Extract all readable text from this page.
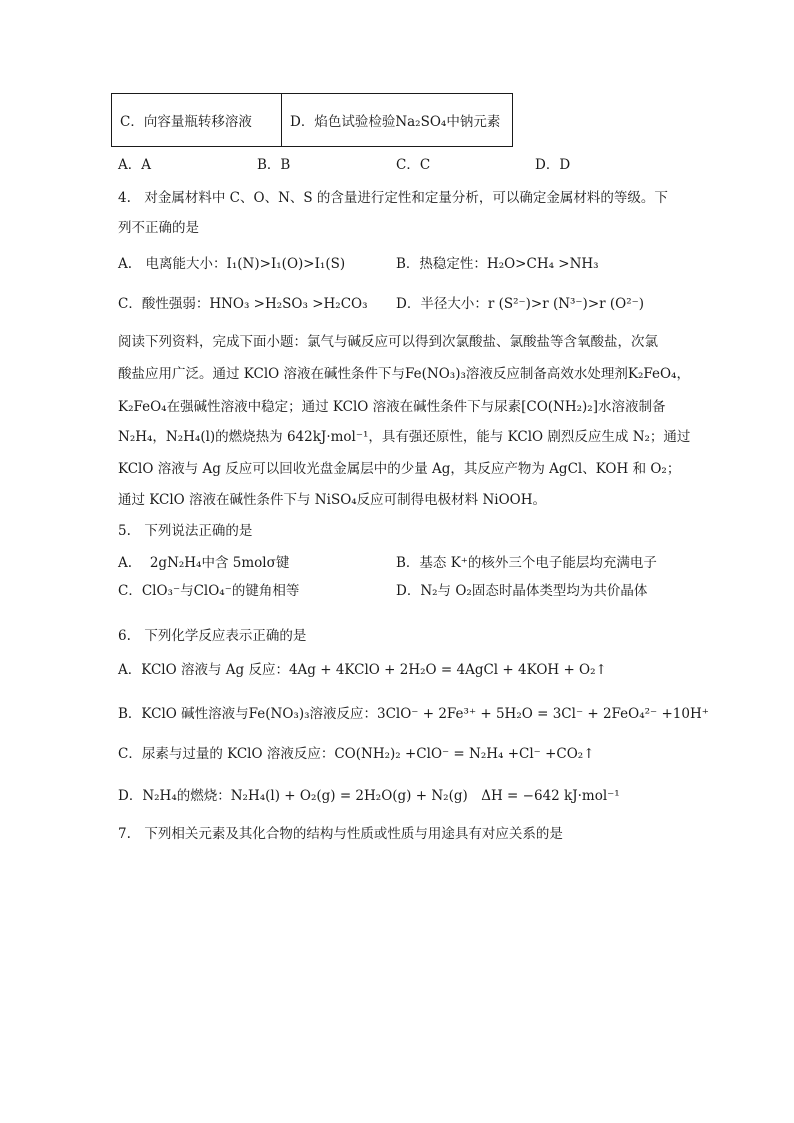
C．向容量瓶转移溶液	D．焰色试验检验Na₂SO₄中钠元素
A．A	B．B	C．C	D．D
4.　对金属材料中 C、O、N、S 的含量进行定性和定量分析，可以确定金属材料的等级。下
列不正确的是
A.　电离能大小：I₁(N)>I₁(O)>I₁(S)	B．热稳定性：H₂O>CH₄ >NH₃
C．酸性强弱：HNO₃ >H₂SO₃ >H₂CO₃ D．半径大小：r (S²⁻)>r (N³⁻)>r (O²⁻)
阅读下列资料，完成下面小题：氯气与碱反应可以得到次氯酸盐、氯酸盐等含氧酸盐，次氯
酸盐应用广泛。通过 KClO 溶液在碱性条件下与Fe(NO₃)₃溶液反应制备高效水处理剂K₂FeO₄，
K₂FeO₄在强碱性溶液中稳定；通过 KClO 溶液在碱性条件下与尿素[CO(NH₂)₂]水溶液制备
N₂H₄，N₂H₄(l)的燃烧热为 642kJ·mol⁻¹，具有强还原性，能与 KClO 剧烈反应生成 N₂；通过
KClO 溶液与 Ag 反应可以回收光盘金属层中的少量 Ag，其反应产物为 AgCl、KOH 和 O₂；
通过 KClO 溶液在碱性条件下与 NiSO₄反应可制得电极材料 NiOOH。
5.　下列说法正确的是
A.　 2gN₂H₄中含 5molσ键	B．基态 K⁺的核外三个电子能层均充满电子
C．ClO₃⁻与ClO₄⁻的键角相等	D．N₂与 O₂固态时晶体类型均为共价晶体
6.　下列化学反应表示正确的是
A．KClO 溶液与 Ag 反应：4Ag + 4KClO + 2H₂O = 4AgCl + 4KOH + O₂↑
B．KClO 碱性溶液与Fe(NO₃)₃溶液反应：3ClO⁻ + 2Fe³⁺ + 5H₂O = 3Cl⁻ + 2FeO₄²⁻ +10H⁺
C．尿素与过量的 KClO 溶液反应：CO(NH₂)₂ +ClO⁻ = N₂H₄ +Cl⁻ +CO₂↑
D．N₂H₄的燃烧：N₂H₄(l) + O₂(g) = 2H₂O(g) + N₂(g)　ΔH = −642 kJ·mol⁻¹
7.　下列相关元素及其化合物的结构与性质或性质与用途具有对应关系的是
